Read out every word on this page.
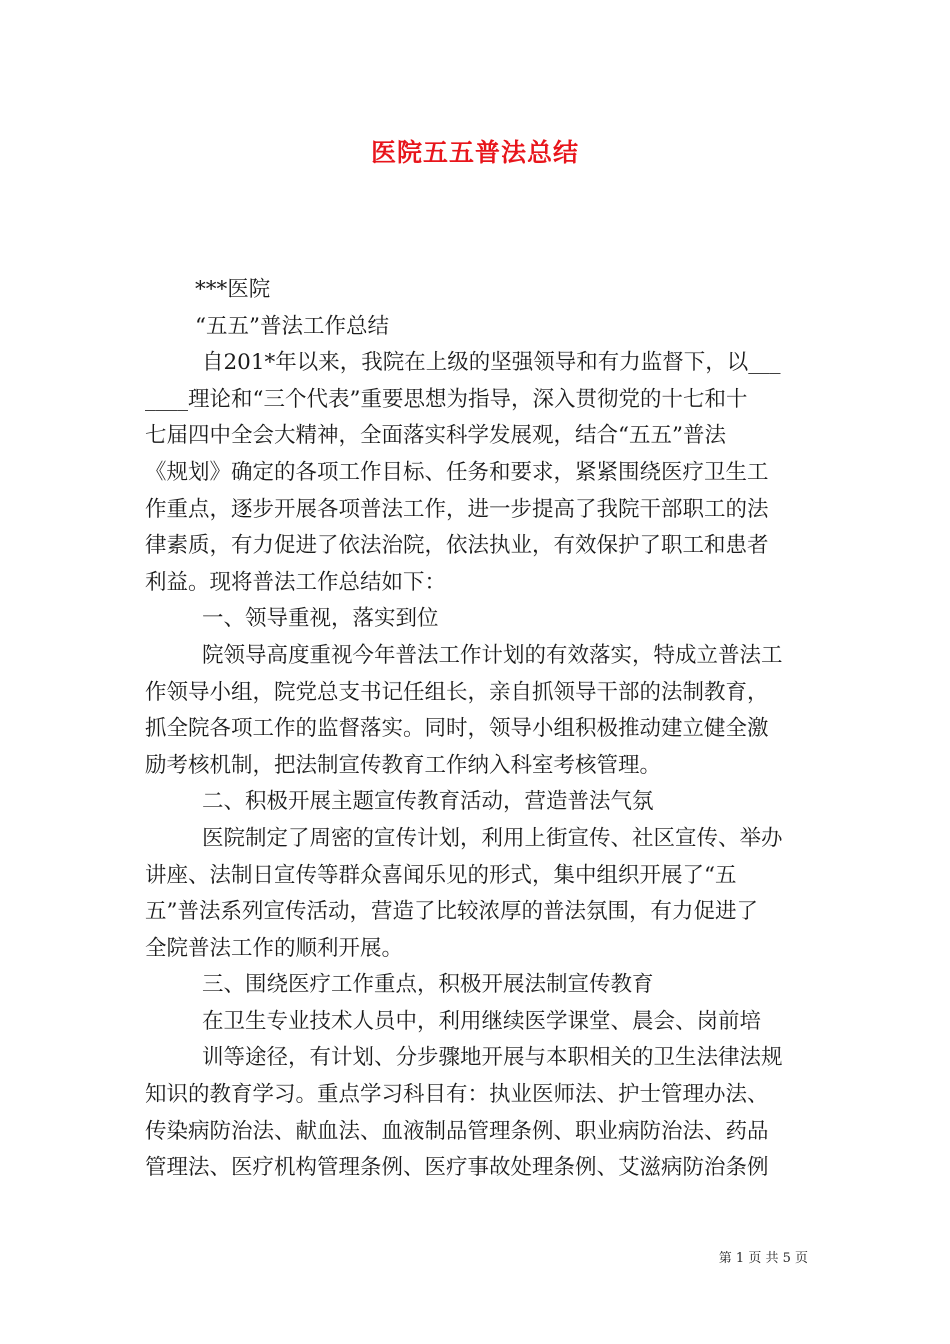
医院五五普法总结
***医院
“五五”普法工作总结
自201*年以来，我院在上级的坚强领导和有力监督下，以___
____理论和“三个代表”重要思想为指导，深入贯彻党的十七和十
七届四中全会大精神，全面落实科学发展观，结合“五五”普法
《规划》确定的各项工作目标、任务和要求，紧紧围绕医疗卫生工
作重点，逐步开展各项普法工作，进一步提高了我院干部职工的法
律素质，有力促进了依法治院，依法执业，有效保护了职工和患者
利益。现将普法工作总结如下：
一、领导重视，落实到位
院领导高度重视今年普法工作计划的有效落实，特成立普法工
作领导小组，院党总支书记任组长，亲自抓领导干部的法制教育，
抓全院各项工作的监督落实。同时，领导小组积极推动建立健全激
励考核机制，把法制宣传教育工作纳入科室考核管理。
二、积极开展主题宣传教育活动，营造普法气氛
医院制定了周密的宣传计划，利用上街宣传、社区宣传、举办
讲座、法制日宣传等群众喜闻乐见的形式，集中组织开展了“五
五”普法系列宣传活动，营造了比较浓厚的普法氛围，有力促进了
全院普法工作的顺利开展。
三、围绕医疗工作重点，积极开展法制宣传教育
在卫生专业技术人员中，利用继续医学课堂、晨会、岗前培
训等途径，有计划、分步骤地开展与本职相关的卫生法律法规
知识的教育学习。重点学习科目有：执业医师法、护士管理办法、
传染病防治法、献血法、血液制品管理条例、职业病防治法、药品
管理法、医疗机构管理条例、医疗事故处理条例、艾滋病防治条例
第 1 页 共 5 页
